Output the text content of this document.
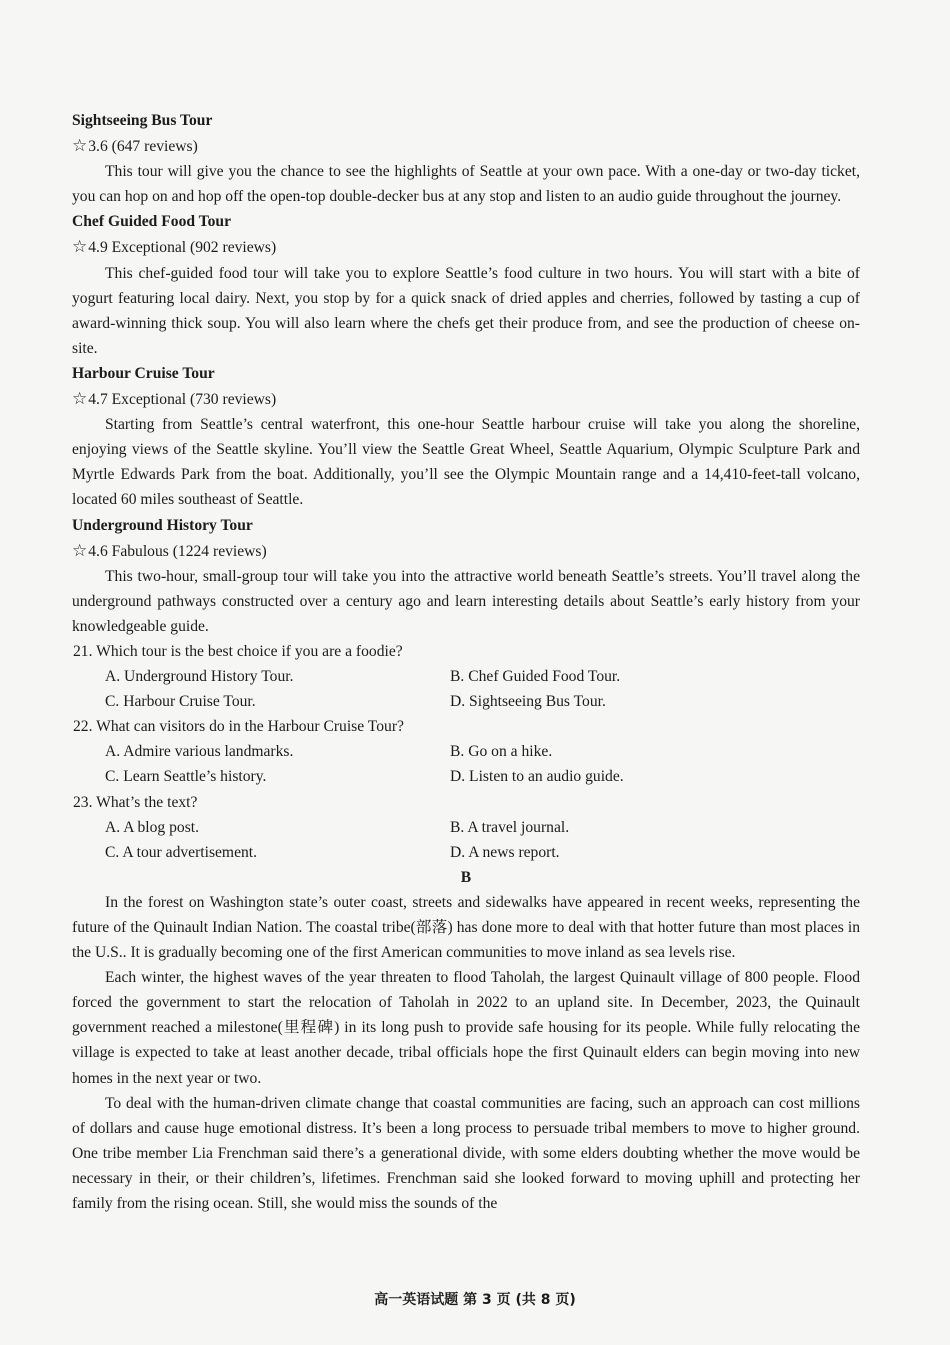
Sightseeing Bus Tour

☆3.6 (647 reviews)

This tour will give you the chance to see the highlights of Seattle at your own pace. With a one-day or two-day ticket, you can hop on and hop off the open-top double-decker bus at any stop and listen to an audio guide throughout the journey.

Chef Guided Food Tour

☆4.9 Exceptional (902 reviews)

This chef-guided food tour will take you to explore Seattle’s food culture in two hours. You will start with a bite of yogurt featuring local dairy. Next, you stop by for a quick snack of dried apples and cherries, followed by tasting a cup of award-winning thick soup. You will also learn where the chefs get their produce from, and see the production of cheese on-site.

Harbour Cruise Tour

☆4.7 Exceptional (730 reviews)

Starting from Seattle’s central waterfront, this one-hour Seattle harbour cruise will take you along the shoreline, enjoying views of the Seattle skyline. You’ll view the Seattle Great Wheel, Seattle Aquarium, Olympic Sculpture Park and Myrtle Edwards Park from the boat. Additionally, you’ll see the Olympic Mountain range and a 14,410-feet-tall volcano, located 60 miles southeast of Seattle.

Underground History Tour

☆4.6 Fabulous (1224 reviews)

This two-hour, small-group tour will take you into the attractive world beneath Seattle’s streets. You’ll travel along the underground pathways constructed over a century ago and learn interesting details about Seattle’s early history from your knowledgeable guide.

21. Which tour is the best choice if you are a foodie?

A. Underground History Tour.	B. Chef Guided Food Tour.
C. Harbour Cruise Tour.	D. Sightseeing Bus Tour.

22. What can visitors do in the Harbour Cruise Tour?

A. Admire various landmarks.	B. Go on a hike.
C. Learn Seattle’s history.	D. Listen to an audio guide.

23. What’s the text?

A. A blog post.	B. A travel journal.
C. A tour advertisement.	D. A news report.

B

In the forest on Washington state’s outer coast, streets and sidewalks have appeared in recent weeks, representing the future of the Quinault Indian Nation. The coastal tribe(部落) has done more to deal with that hotter future than most places in the U.S.. It is gradually becoming one of the first American communities to move inland as sea levels rise.

Each winter, the highest waves of the year threaten to flood Taholah, the largest Quinault village of 800 people. Flood forced the government to start the relocation of Taholah in 2022 to an upland site. In December, 2023, the Quinault government reached a milestone(里程碑) in its long push to provide safe housing for its people. While fully relocating the village is expected to take at least another decade, tribal officials hope the first Quinault elders can begin moving into new homes in the next year or two.

To deal with the human-driven climate change that coastal communities are facing, such an approach can cost millions of dollars and cause huge emotional distress. It’s been a long process to persuade tribal members to move to higher ground. One tribe member Lia Frenchman said there’s a generational divide, with some elders doubting whether the move would be necessary in their, or their children’s, lifetimes. Frenchman said she looked forward to moving uphill and protecting her family from the rising ocean. Still, she would miss the sounds of the

高一英语试题 第 3 页 (共 8 页)
